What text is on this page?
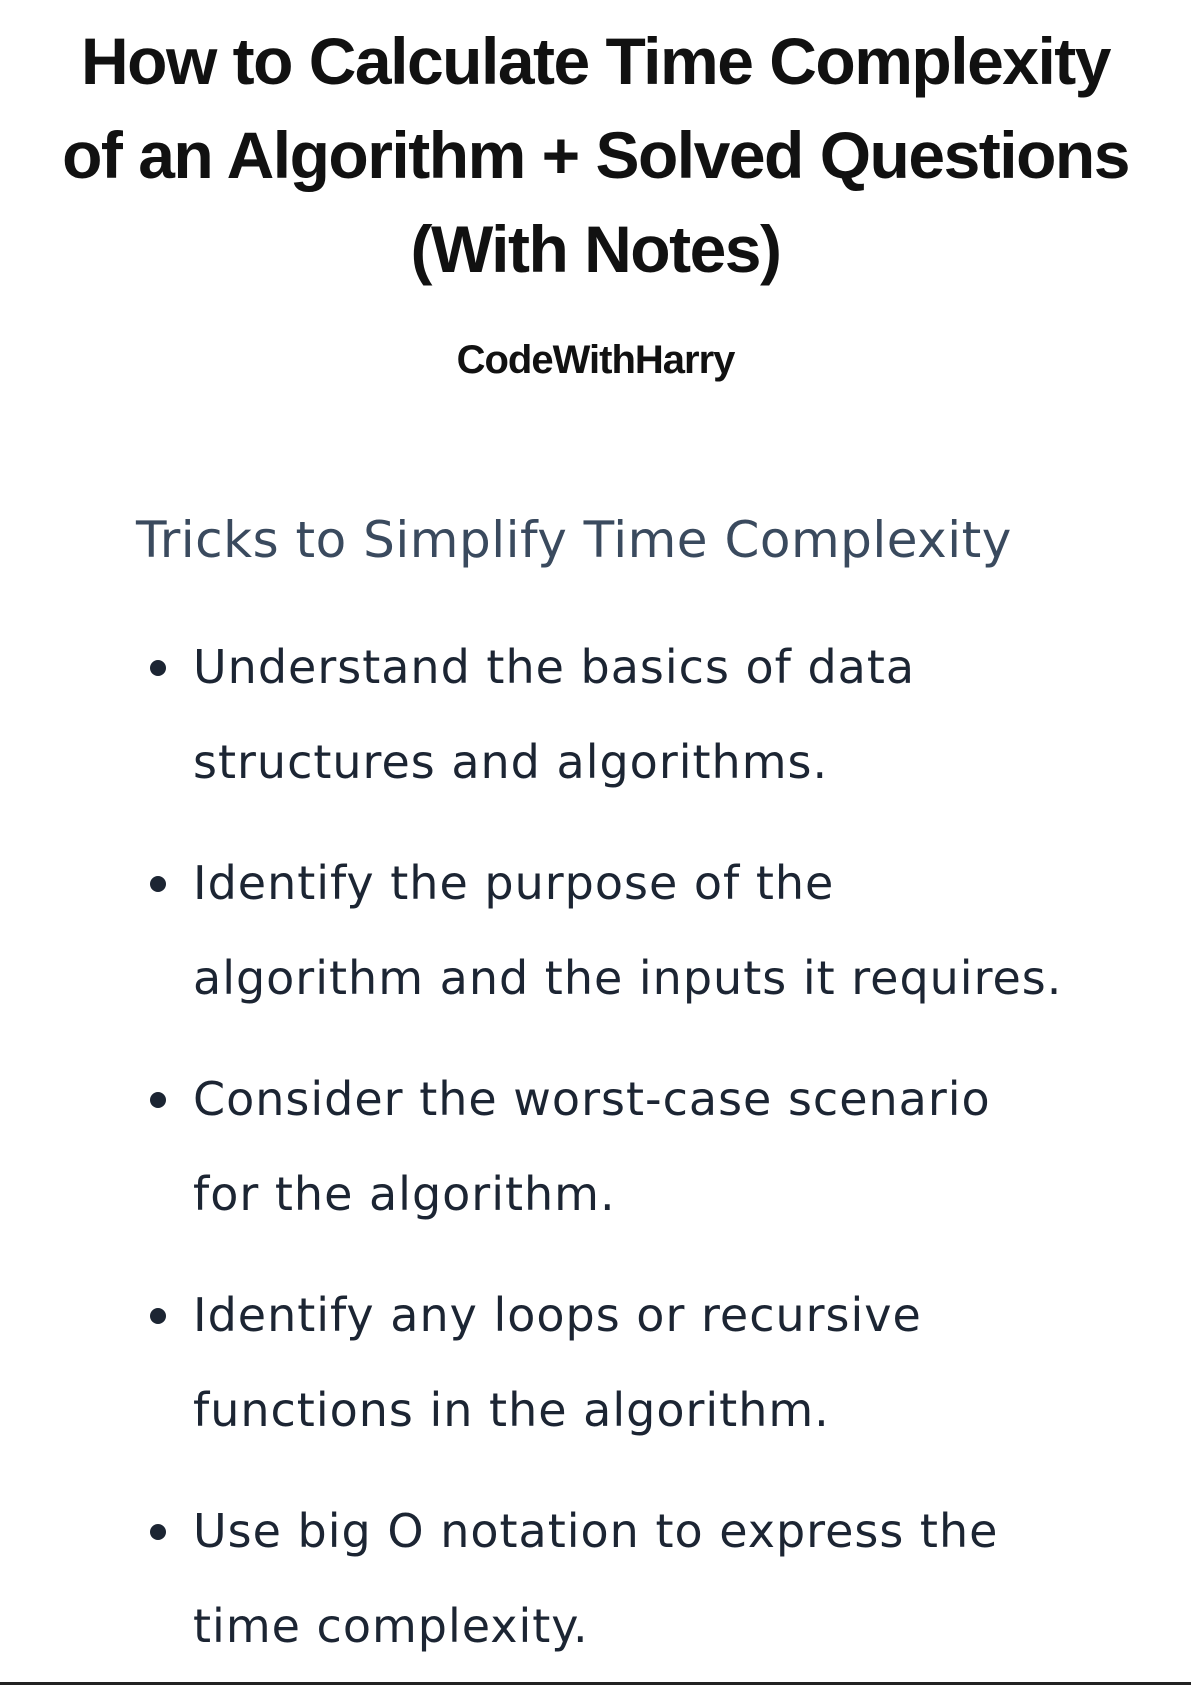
How to Calculate Time Complexity
of an Algorithm + Solved Questions
(With Notes)
CodeWithHarry
Tricks to Simplify Time Complexity
Understand the basics of data structures and algorithms.
Identify the purpose of the algorithm and the inputs it requires.
Consider the worst-case scenario for the algorithm.
Identify any loops or recursive functions in the algorithm.
Use big O notation to express the time complexity.
